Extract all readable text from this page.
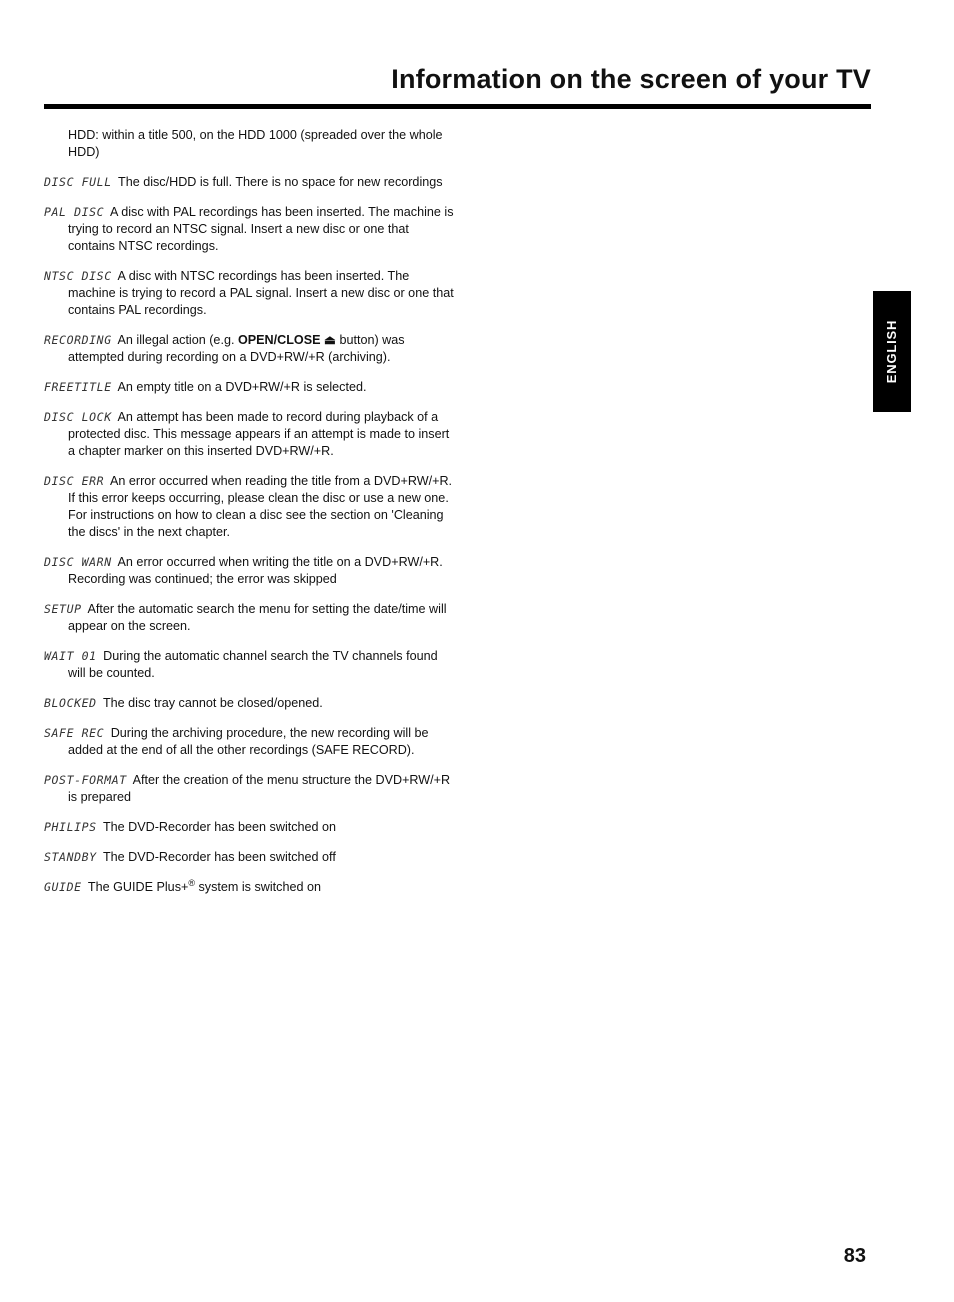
Information on the screen of your TV

HDD: within a title 500, on the HDD 1000 (spreaded over the whole HDD)

DISC FULL The disc/HDD is full. There is no space for new recordings

PAL DISC A disc with PAL recordings has been inserted. The machine is trying to record an NTSC signal. Insert a new disc or one that contains NTSC recordings.

NTSC DISC A disc with NTSC recordings has been inserted. The machine is trying to record a PAL signal. Insert a new disc or one that contains PAL recordings.

RECORDING An illegal action (e.g. OPEN/CLOSE ⏏ button) was attempted during recording on a DVD+RW/+R (archiving).

FREETITLE An empty title on a DVD+RW/+R is selected.

DISC LOCK An attempt has been made to record during playback of a protected disc. This message appears if an attempt is made to insert a chapter marker on this inserted DVD+RW/+R.

DISC ERR An error occurred when reading the title from a DVD+RW/+R. If this error keeps occurring, please clean the disc or use a new one. For instructions on how to clean a disc see the section on 'Cleaning the discs' in the next chapter.

DISC WARN An error occurred when writing the title on a DVD+RW/+R. Recording was continued; the error was skipped

SETUP After the automatic search the menu for setting the date/time will appear on the screen.

WAIT 01 During the automatic channel search the TV channels found will be counted.

BLOCKED The disc tray cannot be closed/opened.

SAFE REC During the archiving procedure, the new recording will be added at the end of all the other recordings (SAFE RECORD).

POST-FORMAT After the creation of the menu structure the DVD+RW/+R is prepared

PHILIPS The DVD-Recorder has been switched on

STANDBY The DVD-Recorder has been switched off

GUIDE The GUIDE Plus+® system is switched on

ENGLISH
83
